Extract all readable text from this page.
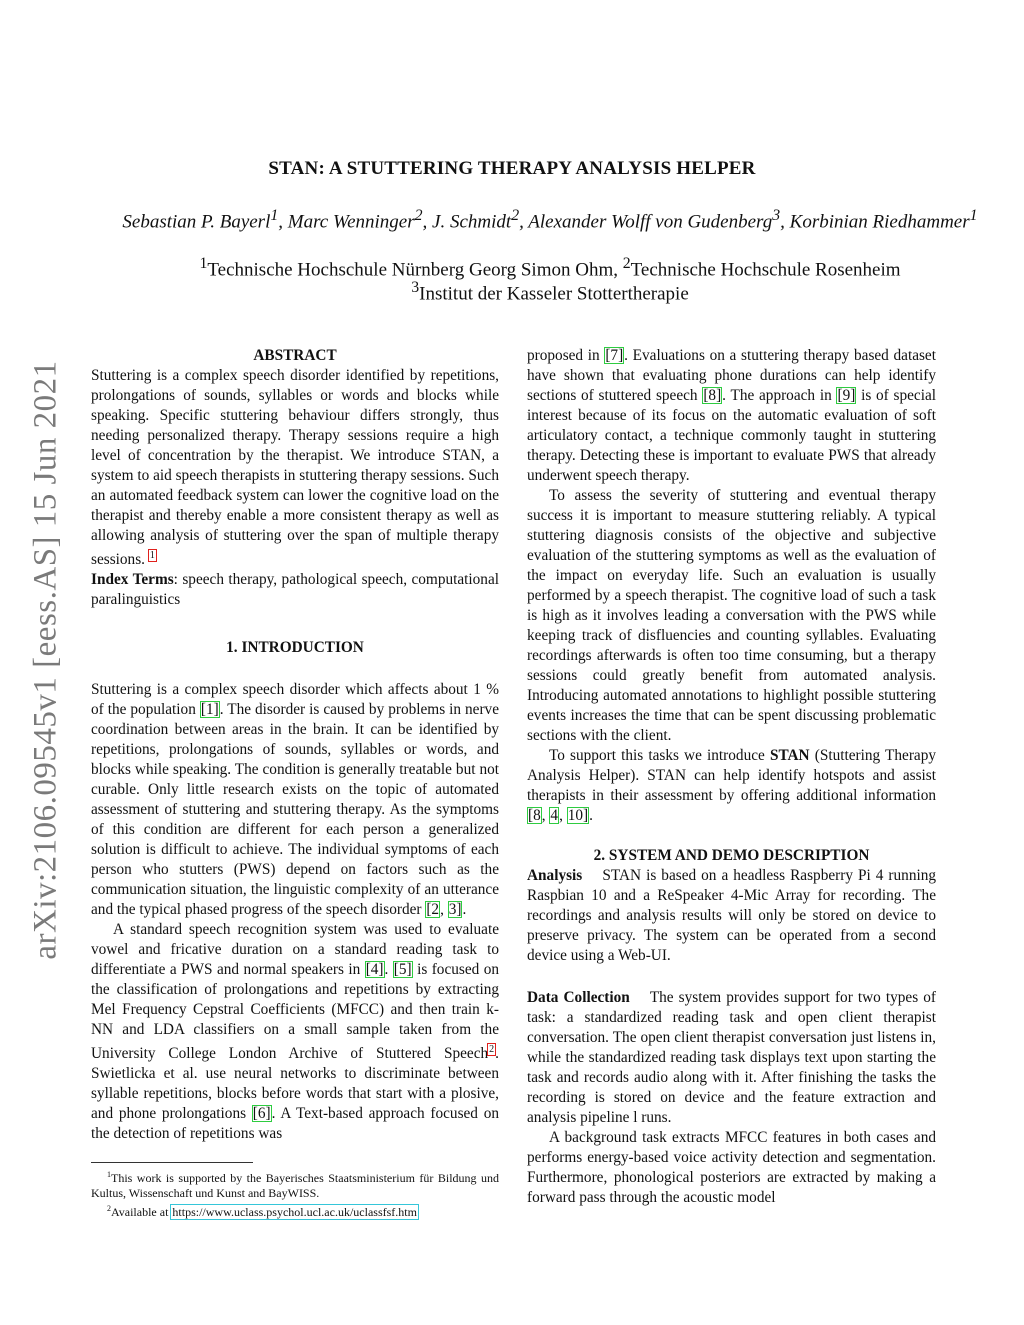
arXiv:2106.09545v1 [eess.AS] 15 Jun 2021
STAN: A STUTTERING THERAPY ANALYSIS HELPER
Sebastian P. Bayerl$^1$, Marc Wenninger$^2$, J. Schmidt$^2$, Alexander Wolff von Gudenberg$^3$, Korbinian Riedhammer$^1$
$^1$Technische Hochschule Nürnberg Georg Simon Ohm, $^2$Technische Hochschule Rosenheim
$^3$Institut der Kasseler Stottertherapie
ABSTRACT

Stuttering is a complex speech disorder identified by repetitions, prolongations of sounds, syllables or words and blocks while speaking. Specific stuttering behaviour differs strongly, thus needing personalized therapy. Therapy sessions require a high level of concentration by the therapist. We introduce STAN, a system to aid speech therapists in stuttering therapy sessions. Such an automated feedback system can lower the cognitive load on the therapist and thereby enable a more consistent therapy as well as allowing analysis of stuttering over the span of multiple therapy sessions. $^1$

Index Terms: speech therapy, pathological speech, computational paralinguistics

1. INTRODUCTION

Stuttering is a complex speech disorder which affects about 1 % of the population [1]. The disorder is caused by problems in nerve coordination between areas in the brain. It can be identified by repetitions, prolongations of sounds, syllables or words, and blocks while speaking. The condition is generally treatable but not curable. Only little research exists on the topic of automated assessment of stuttering and stuttering therapy. As the symptoms of this condition are different for each person a generalized solution is difficult to achieve. The individual symptoms of each person who stutters (PWS) depend on factors such as the communication situation, the linguistic complexity of an utterance and the typical phased progress of the speech disorder [2, 3].

A standard speech recognition system was used to evaluate vowel and fricative duration on a standard reading task to differentiate a PWS and normal speakers in [4]. [5] is focused on the classification of prolongations and repetitions by extracting Mel Frequency Cepstral Coefficients (MFCC) and then train k-NN and LDA classifiers on a small sample taken from the University College London Archive of Stuttered Speech$^2$. Swietlicka et al. use neural networks to discriminate between syllable repetitions, blocks before words that start with a plosive, and phone prolongations [6]. A Text-based approach focused on the detection of repetitions was

$^1$This work is supported by the Bayerisches Staatsministerium für Bildung und Kultus, Wissenschaft und Kunst and BayWISS.
$^2$Available at https://www.uclass.psychol.ucl.ac.uk/uclassfsf.htm

proposed in [7]. Evaluations on a stuttering therapy based dataset have shown that evaluating phone durations can help identify sections of stuttered speech [8]. The approach in [9] is of special interest because of its focus on the automatic evaluation of soft articulatory contact, a technique commonly taught in stuttering therapy. Detecting these is important to evaluate PWS that already underwent speech therapy.

To assess the severity of stuttering and eventual therapy success it is important to measure stuttering reliably. A typical stuttering diagnosis consists of the objective and subjective evaluation of the stuttering symptoms as well as the evaluation of the impact on everyday life. Such an evaluation is usually performed by a speech therapist. The cognitive load of such a task is high as it involves leading a conversation with the PWS while keeping track of disfluencies and counting syllables. Evaluating recordings afterwards is often too time consuming, but a therapy sessions could greatly benefit from automated analysis. Introducing automated annotations to highlight possible stuttering events increases the time that can be spent discussing problematic sections with the client.

To support this tasks we introduce STAN (Stuttering Therapy Analysis Helper). STAN can help identify hotspots and assist therapists in their assessment by offering additional information [8, 4, 10].

2. SYSTEM AND DEMO DESCRIPTION

Analysis STAN is based on a headless Raspberry Pi 4 running Raspbian 10 and a ReSpeaker 4-Mic Array for recording. The recordings and analysis results will only be stored on device to preserve privacy. The system can be operated from a second device using a Web-UI.

Data Collection The system provides support for two types of task: a standardized reading task and open client therapist conversation. The open client therapist conversation just listens in, while the standardized reading task displays text upon starting the task and records audio along with it. After finishing the tasks the recording is stored on device and the feature extraction and analysis pipeline l runs.

A background task extracts MFCC features in both cases and performs energy-based voice activity detection and segmentation. Furthermore, phonological posteriors are extracted by making a forward pass through the acoustic model
